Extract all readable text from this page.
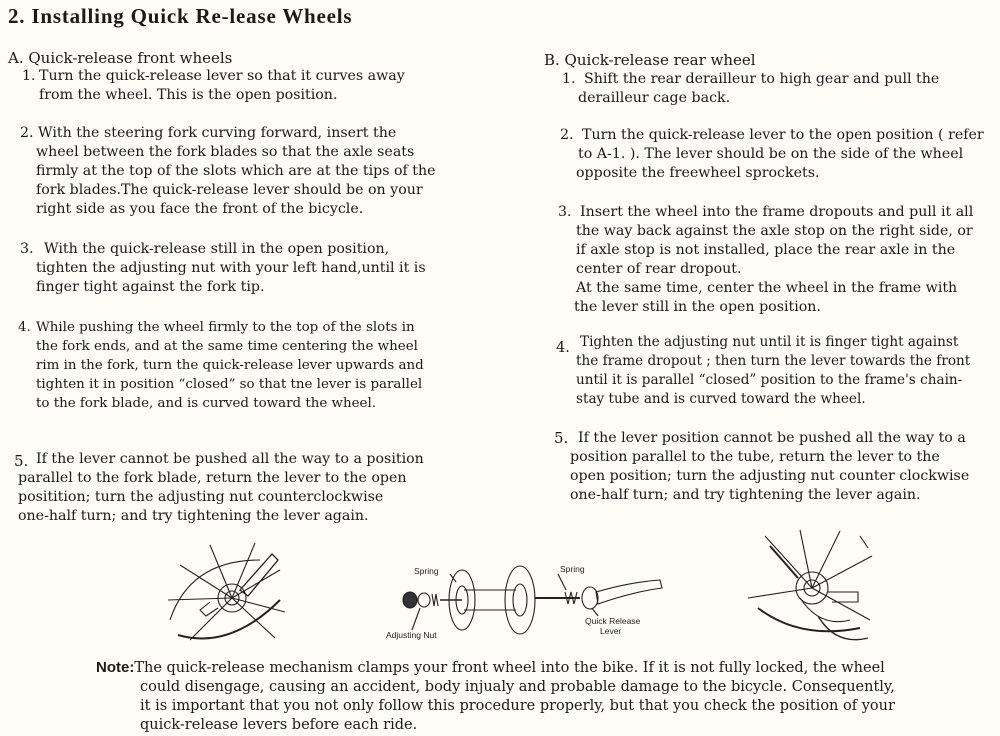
2. Installing Quick Re-lease Wheels
A. Quick-release front wheels
1. Turn the quick-release lever so that it curves away
from the wheel. This is the open position.
2. With the steering fork curving forward, insert the
wheel between the fork blades so that the axle seats
firmly at the top of the slots which are at the tips of the
fork blades.The quick-release lever should be on your
right side as you face the front of the bicycle.
3. With the quick-release still in the open position,
tighten the adjusting nut with your left hand,until it is
finger tight against the fork tip.
4. While pushing the wheel firmly to the top of the slots in
the fork ends, and at the same time centering the wheel
rim in the fork, turn the quick-release lever upwards and
tighten it in position “closed” so that tne lever is parallel
to the fork blade, and is curved toward the wheel.
5. If the lever cannot be pushed all the way to a position
parallel to the fork blade, return the lever to the open
positition; turn the adjusting nut counterclockwise
one-half turn; and try tightening the lever again.
B. Quick-release rear wheel
1. Shift the rear derailleur to high gear and pull the
derailleur cage back.
2. Turn the quick-release lever to the open position ( refer
to A-1. ). The lever should be on the side of the wheel
opposite the freewheel sprockets.
3. Insert the wheel into the frame dropouts and pull it all
the way back against the axle stop on the right side, or
if axle stop is not installed, place the rear axle in the
center of rear dropout.
At the same time, center the wheel in the frame with
the lever still in the open position.
4. Tighten the adjusting nut until it is finger tight against
the frame dropout ; then turn the lever towards the front
until it is parallel “closed” position to the frame's chain-
stay tube and is curved toward the wheel.
5. If the lever position cannot be pushed all the way to a
position parallel to the tube, return the lever to the
open position; turn the adjusting nut counter clockwise
one-half turn; and try tightening the lever again.
Spring	Spring
Adjusting Nut
Quick Release
Lever
Note:The quick-release mechanism clamps your front wheel into the bike. If it is not fully locked, the wheel
could disengage, causing an accident, body injualy and probable damage to the bicycle. Consequently,
it is important that you not only follow this procedure properly, but that you check the position of your
quick-release levers before each ride.
